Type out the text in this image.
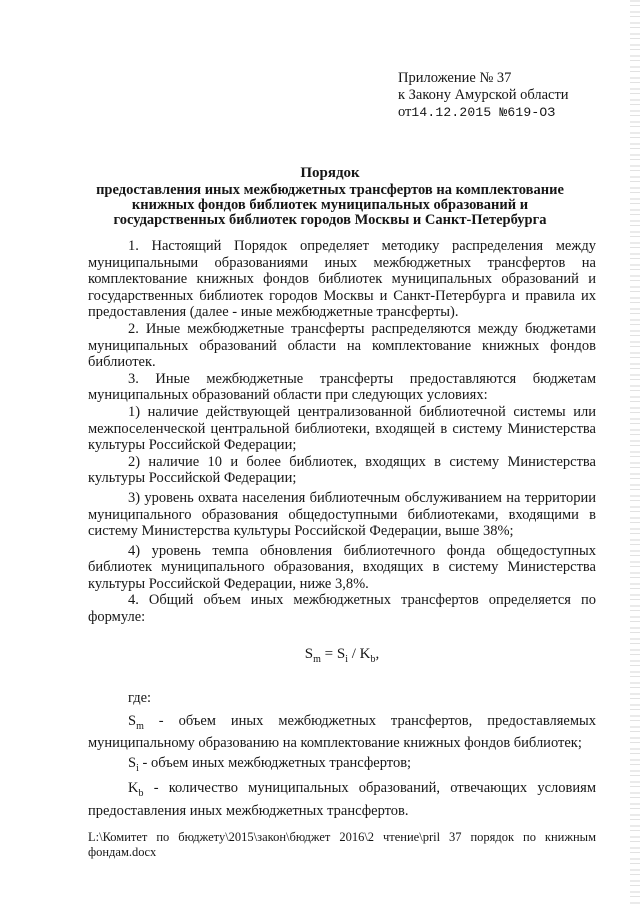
Приложение № 37
к Закону Амурской области
от14.12.2015 №619-ОЗ
Порядок
предоставления иных межбюджетных трансфертов на комплектование
книжных фондов библиотек муниципальных образований и
государственных библиотек городов Москвы и Санкт-Петербурга

1. Настоящий Порядок определяет методику распределения между муниципальными образованиями иных межбюджетных трансфертов на комплектование книжных фондов библиотек муниципальных образований и государственных библиотек городов Москвы и Санкт-Петербурга и правила их предоставления (далее - иные межбюджетные трансферты).

2. Иные межбюджетные трансферты распределяются между бюджетами муниципальных образований области на комплектование книжных фондов библиотек.

3. Иные межбюджетные трансферты предоставляются бюджетам муниципальных образований области при следующих условиях:

1) наличие действующей централизованной библиотечной системы или межпоселенческой центральной библиотеки, входящей в систему Министерства культуры Российской Федерации;

2) наличие 10 и более библиотек, входящих в систему Министерства культуры Российской Федерации;

3) уровень охвата населения библиотечным обслуживанием на территории муниципального образования общедоступными библиотеками, входящими в систему Министерства культуры Российской Федерации, выше 38%;

4) уровень темпа обновления библиотечного фонда общедоступных библиотек муниципального образования, входящих в систему Министерства культуры Российской Федерации, ниже 3,8%.

4. Общий объем иных межбюджетных трансфертов определяется по формуле:

$S_m = S_i / K_b$,

где:

$S_m$ - объем иных межбюджетных трансфертов, предоставляемых муниципальному образованию на комплектование книжных фондов библиотек;

$S_i$ - объем иных межбюджетных трансфертов;

$K_b$ - количество муниципальных образований, отвечающих условиям предоставления иных межбюджетных трансфертов.

L:\Комитет по бюджету\2015\закон\бюджет 2016\2 чтение\pril 37 порядок по книжным фондам.docx
